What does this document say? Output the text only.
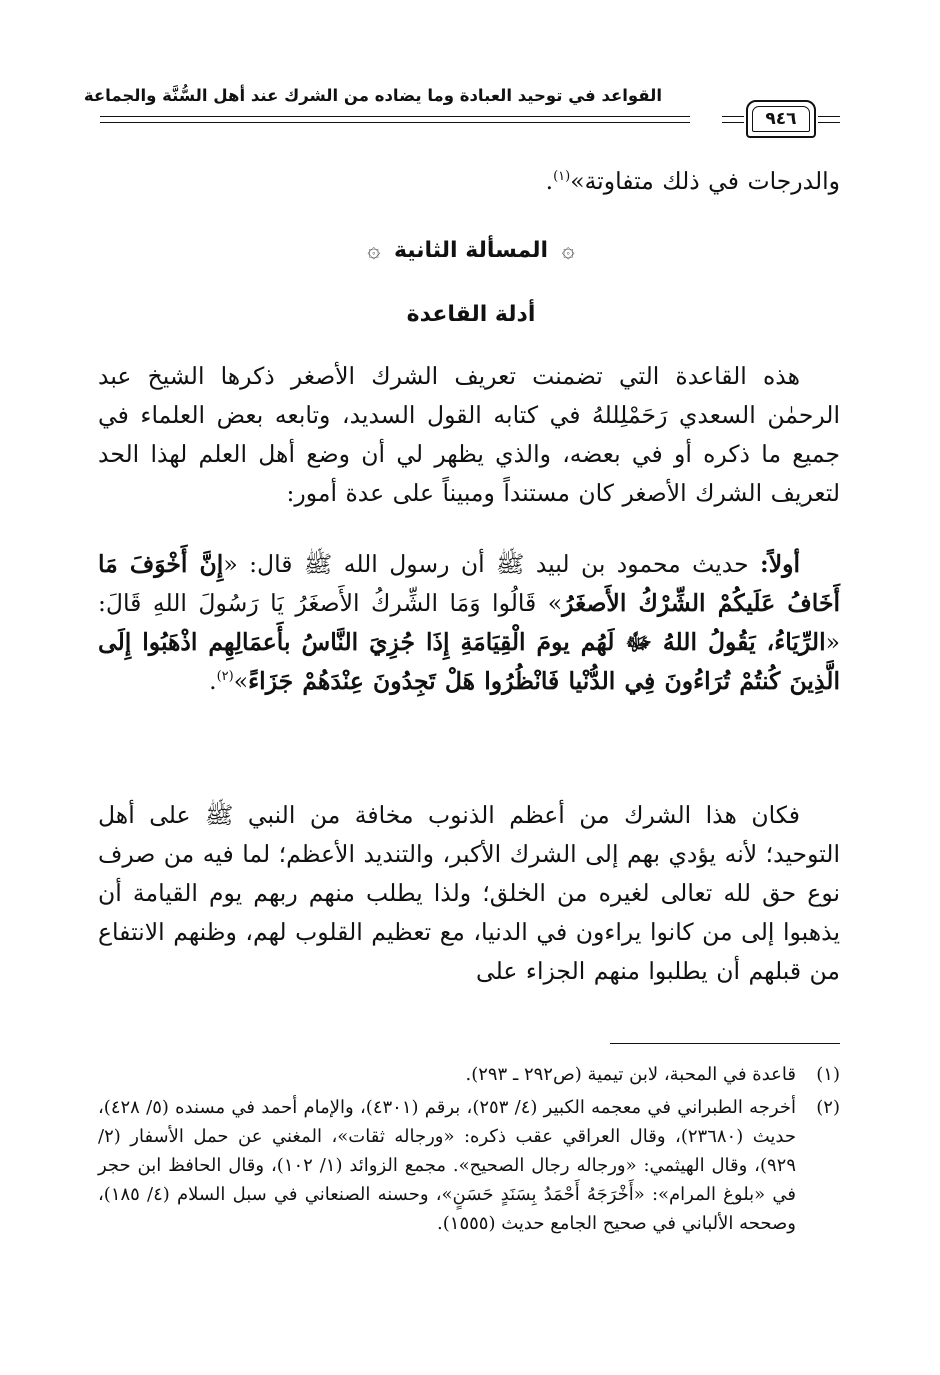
القواعد في توحيد العبادة وما يضاده من الشرك عند أهل السُّنَّة والجماعة
٩٤٦
والدرجات في ذلك متفاوتة»$^{(١)}$.
۞ المسألة الثانية ۞
أدلة القاعدة
هذه القاعدة التي تضمنت تعريف الشرك الأصغر ذكرها الشيخ عبد الرحمٰن السعدي رَحَمْلِللهُ في كتابه القول السديد، وتابعه بعض العلماء في جميع ما ذكره أو في بعضه، والذي يظهر لي أن وضع أهل العلم لهذا الحد لتعريف الشرك الأصغر كان مستنداً ومبيناً على عدة أمور:
أولاً: حديث محمود بن لبيد ﷺ أن رسول الله ﷺ قال: «إِنَّ أَخْوَفَ مَا أَخَافُ عَلَيكُمْ الشِّرْكُ الأَصغَرُ» قَالُوا وَمَا الشِّركُ الأَصغَرُ يَا رَسُولَ اللهِ قَالَ: «الرِّيَاءُ، يَقُولُ اللهُ ﷻ لَهُم يومَ الْقِيَامَةِ إِذَا جُزِيَ النَّاسُ بأَعمَالِهِم اذْهَبُوا إِلَى الَّذِينَ كُنتُمْ تُرَاءُونَ فِي الدُّنْيا فَانْظُرُوا هَلْ تَجِدُونَ عِنْدَهُمْ جَزَاءً»$^{(٢)}$.
فكان هذا الشرك من أعظم الذنوب مخافة من النبي ﷺ على أهل التوحيد؛ لأنه يؤدي بهم إلى الشرك الأكبر، والتنديد الأعظم؛ لما فيه من صرف نوع حق لله تعالى لغيره من الخلق؛ ولذا يطلب منهم ربهم يوم القيامة أن يذهبوا إلى من كانوا يراءون في الدنيا، مع تعظيم القلوب لهم، وظنهم الانتفاع من قبلهم أن يطلبوا منهم الجزاء على
(١)
قاعدة في المحبة، لابن تيمية (ص٢٩٢ ـ ٢٩٣).
(٢)
أخرجه الطبراني في معجمه الكبير (٤/ ٢٥٣)، برقم (٤٣٠١)، والإمام أحمد في مسنده (٥/ ٤٢٨)، حديث (٢٣٦٨٠)، وقال العراقي عقب ذكره: «ورجاله ثقات»، المغني عن حمل الأسفار (٢/ ٩٢٩)، وقال الهيثمي: «ورجاله رجال الصحيح». مجمع الزوائد (١/ ١٠٢)، وقال الحافظ ابن حجر في «بلوغ المرام»: «أَخْرَجَهُ أَحْمَدُ بِسَنَدٍ حَسَنٍ»، وحسنه الصنعاني في سبل السلام (٤/ ١٨٥)، وصححه الألباني في صحيح الجامع حديث (١٥٥٥).
